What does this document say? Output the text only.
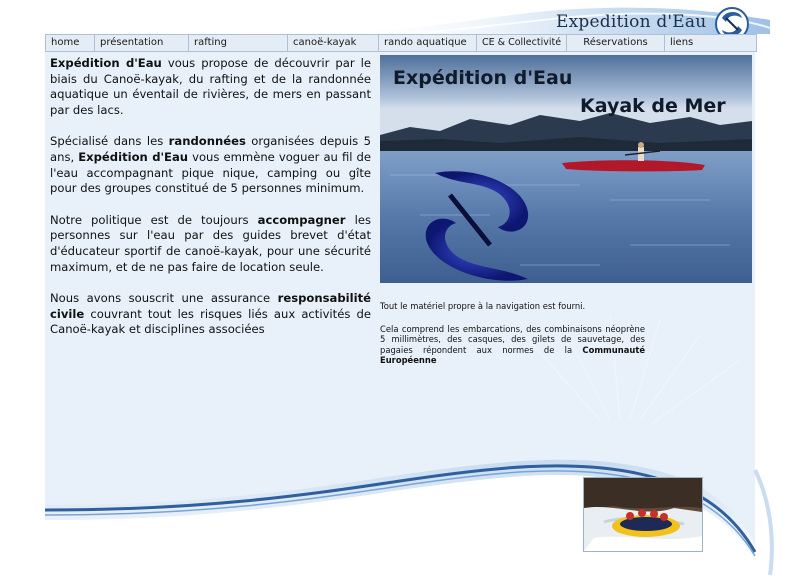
Expedition d'Eau
home	présentation	rafting	canoë-kayak	rando aquatique	CE & Collectivité	Réservations	liens

Expédition d'Eau vous propose de découvrir par le biais du Canoë-kayak, du rafting et de la randonnée aquatique un éventail de rivières, de mers en passant par des lacs.

Spécialisé dans les randonnées organisées depuis 5 ans, Expédition d'Eau vous emmène voguer au fil de l'eau accompagnant pique nique, camping ou gîte pour des groupes constitué de 5 personnes minimum.

Notre politique est de toujours accompagner les personnes sur l'eau par des guides brevet d'état d'éducateur sportif de canoë-kayak, pour une sécurité maximum, et de ne pas faire de location seule.

Nous avons souscrit une assurance responsabilité civile couvrant tout les risques liés aux activités de Canoë-kayak et disciplines associées

Expédition d'Eau
Kayak de Mer

Tout le matériel propre à la navigation est fourni.

Cela comprend les embarcations, des combinaisons néoprène 5 millimètres, des casques, des gilets de sauvetage, des pagaies répondent aux normes de la Communauté Européenne
